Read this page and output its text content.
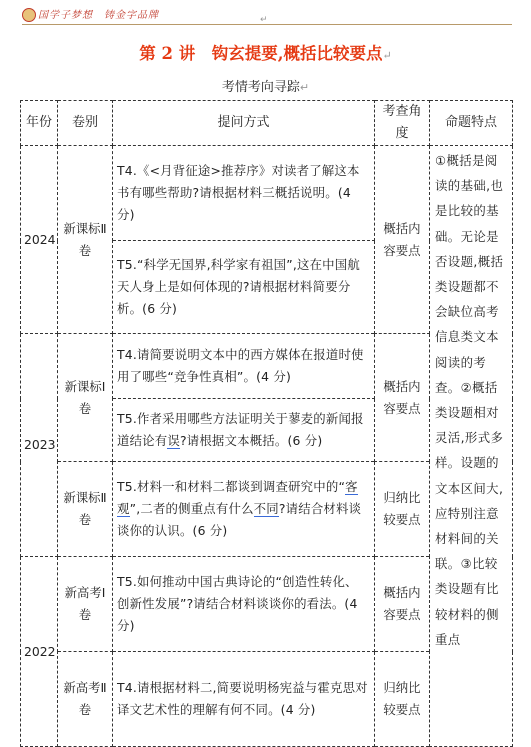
国学子梦想　铸金字品牌	↵
第 2 讲　钩玄提要,概括比较要点↵
考情考向寻踪↵
年份	卷别	提问方式	考查角度	命题特点
2024	新课标Ⅱ卷	T4.《<月背征途>推荐序》对读者了解这本书有哪些帮助?请根据材料三概括说明。(4 分)	概括内容要点	①概括是阅读的基础,也是比较的基础。无论是否设题,概括类设题都不会缺位高考信息类文本阅读的考查。②概括类设题相对灵活,形式多样。设题的文本区间大,应特别注意材料间的关联。③比较类设题有比较材料的侧重点
		T5.“科学无国界,科学家有祖国”,这在中国航天人身上是如何体现的?请根据材料简要分析。(6 分)		
2023	新课标Ⅰ卷	T4.请简要说明文本中的西方媒体在报道时使用了哪些“竞争性真相”。(4 分)	概括内容要点	
		T5.作者采用哪些方法证明关于蓼麦的新闻报道结论有误?请根据文本概括。(6 分)		
	新课标Ⅱ卷	T5.材料一和材料二都谈到调查研究中的“客观”,二者的侧重点有什么不同?请结合材料谈谈你的认识。(6 分)	归纳比较要点	
2022	新高考Ⅰ卷	T5.如何推动中国古典诗论的“创造性转化、创新性发展”?请结合材料谈谈你的看法。(4 分)	概括内容要点	
	新高考Ⅱ卷	T4.请根据材料二,简要说明杨宪益与霍克思对译文艺术性的理解有何不同。(4 分)	归纳比较要点	
